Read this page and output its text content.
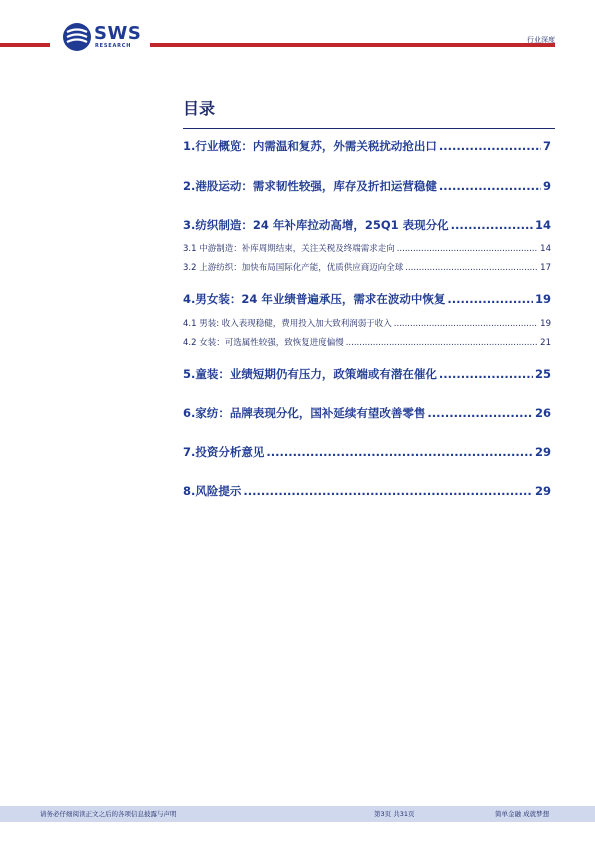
SWS
RESEARCH
行业深度
目录
1.行业概览：内需温和复苏，外需关税扰动抢出口 .....	7
2.港股运动：需求韧性较强，库存及折扣运营稳健 .....	9
3.纺织制造：24 年补库拉动高增，25Q1 表现分化 .....	14
3.1 中游制造：补库周期结束，关注关税及终端需求走向 .....	14
3.2 上游纺织：加快布局国际化产能，优质供应商迈向全球 .....	17
4.男女装：24 年业绩普遍承压，需求在波动中恢复 .....	19
4.1 男装: 收入表现稳健，费用投入加大致利润弱于收入 .....	19
4.2 女装：可选属性较强，致恢复进度偏慢 .....	21
5.童装：业绩短期仍有压力，政策端或有潜在催化 .....	25
6.家纺：品牌表现分化，国补延续有望改善零售 .....	26
7.投资分析意见 .....	29
8.风险提示 .....	29
请务必仔细阅读正文之后的各项信息披露与声明	第3页 共31页	简单金融 成就梦想
